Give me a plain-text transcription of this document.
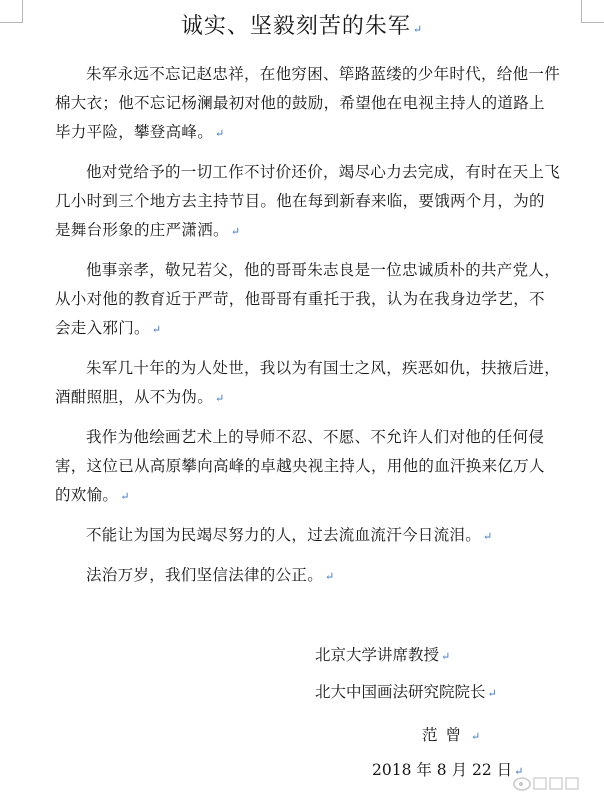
诚实、坚毅刻苦的朱军 ↵

朱军永远不忘记赵忠祥，在他穷困、筚路蓝缕的少年时代，给他一件棉大衣；他不忘记杨澜最初对他的鼓励，希望他在电视主持人的道路上毕力平险，攀登高峰。 ↵

他对党给予的一切工作不讨价还价，竭尽心力去完成，有时在天上飞几小时到三个地方去主持节目。他在每到新春来临，要饿两个月，为的是舞台形象的庄严潇洒。 ↵

他事亲孝，敬兄若父，他的哥哥朱志良是一位忠诚质朴的共产党人，从小对他的教育近于严苛，他哥哥有重托于我，认为在我身边学艺，不会走入邪门。 ↵

朱军几十年的为人处世，我以为有国士之风，疾恶如仇，扶掖后进，酒酣照胆，从不为伪。 ↵

我作为他绘画艺术上的导师不忍、不愿、不允许人们对他的任何侵害，这位已从高原攀向高峰的卓越央视主持人，用他的血汗换来亿万人的欢愉。 ↵

不能让为国为民竭尽努力的人，过去流血流汗今日流泪。 ↵

法治万岁，我们坚信法律的公正。 ↵

北京大学讲席教授 ↵
北大中国画法研究院院长 ↵
范曾 ↵
2018 年 8 月 22 日 ↵
